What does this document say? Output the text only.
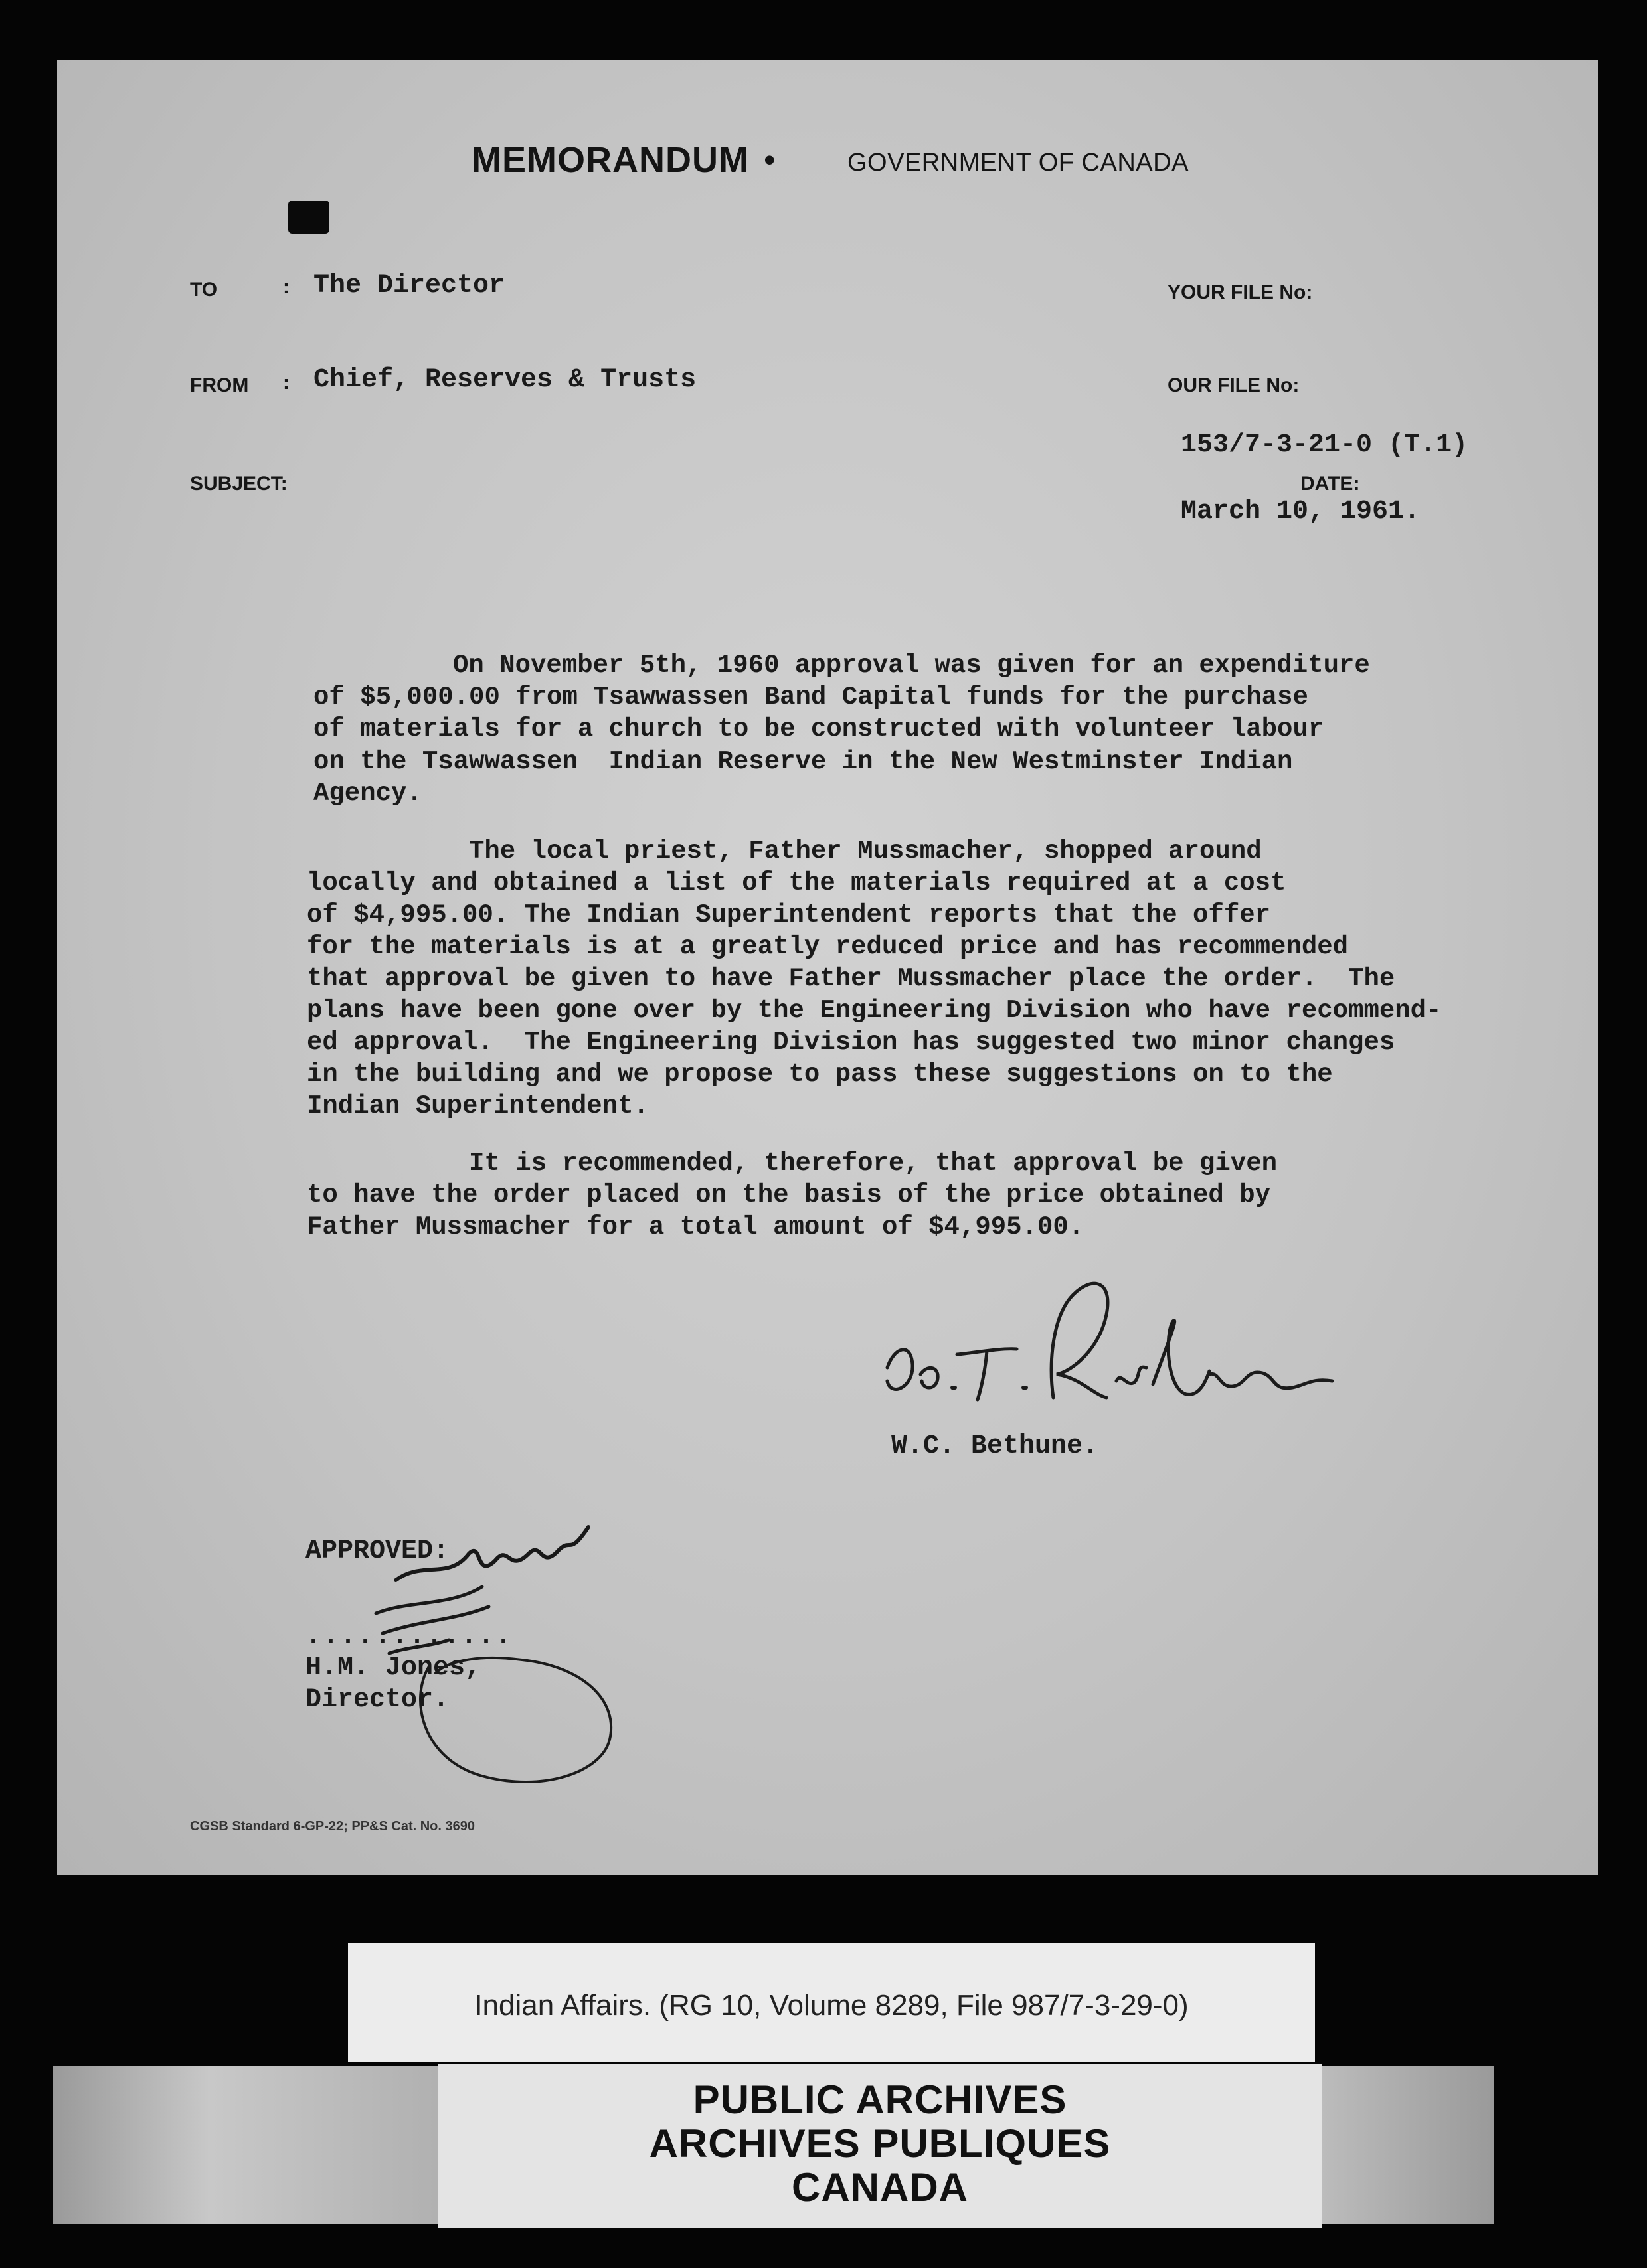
MEMORANDUM •	GOVERNMENT OF CANADA
TO	: The Director
FROM : Chief, Reserves & Trusts
SUBJECT:
YOUR FILE No:
OUR FILE No:
153/7-3-21-0 (T.1)
DATE:
March 10, 1961.
On November 5th, 1960 approval was given for an expenditure
of $5,000.00 from Tsawwassen Band Capital funds for the purchase
of materials for a church to be constructed with volunteer labour
on the Tsawwassen  Indian Reserve in the New Westminster Indian
Agency.
The local priest, Father Mussmacher, shopped around
locally and obtained a list of the materials required at a cost
of $4,995.00. The Indian Superintendent reports that the offer
for the materials is at a greatly reduced price and has recommended
that approval be given to have Father Mussmacher place the order.  The
plans have been gone over by the Engineering Division who have recommend-
ed approval.  The Engineering Division has suggested two minor changes
in the building and we propose to pass these suggestions on to the
Indian Superintendent.
It is recommended, therefore, that approval be given
to have the order placed on the basis of the price obtained by
Father Mussmacher for a total amount of $4,995.00.
W.C. Bethune.
APPROVED:
............
H.M. Jones,
Director.
CGSB Standard 6-GP-22; PP&S Cat. No. 3690
Indian Affairs. (RG 10, Volume 8289, File 987/7-3-29-0)
PUBLIC ARCHIVES
ARCHIVES PUBLIQUES
CANADA
